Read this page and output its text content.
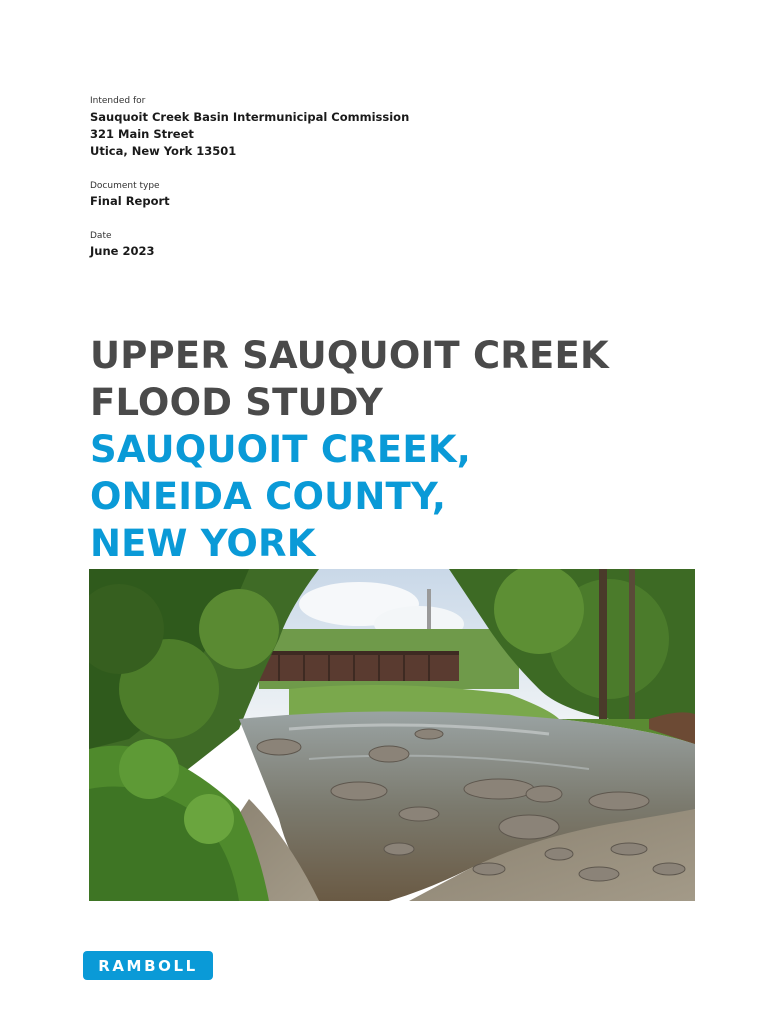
Intended for
Sauquoit Creek Basin Intermunicipal Commission
321 Main Street
Utica, New York 13501
Document type
Final Report
Date
June 2023
UPPER SAUQUOIT CREEK
FLOOD STUDY
SAUQUOIT CREEK,
ONEIDA COUNTY,
NEW YORK
RAMBOLL
